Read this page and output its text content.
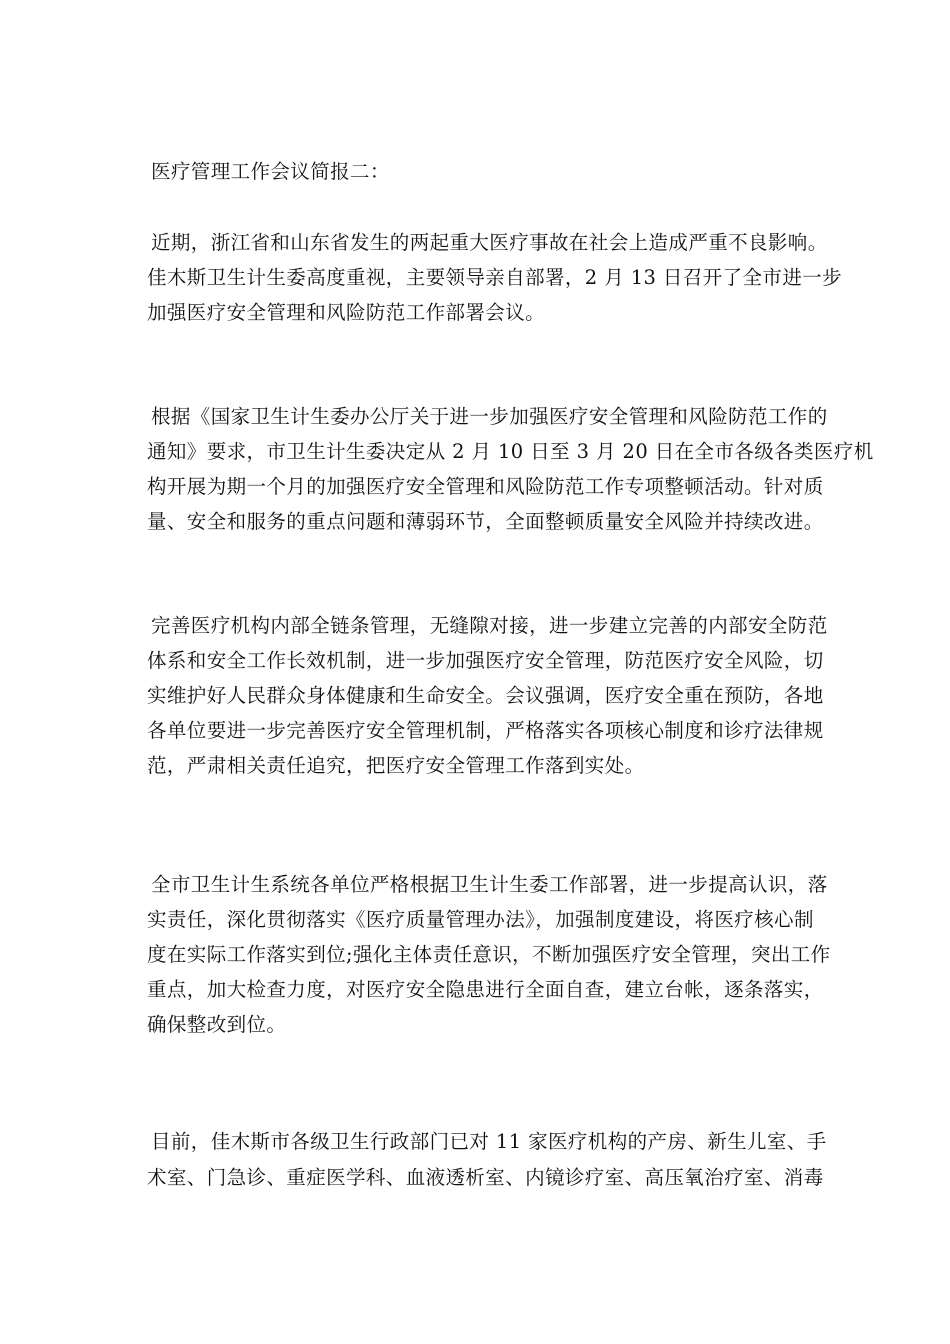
医疗管理工作会议简报二：
近期，浙江省和山东省发生的两起重大医疗事故在社会上造成严重不良影响。
佳木斯卫生计生委高度重视，主要领导亲自部署，2 月 13 日召开了全市进一步
加强医疗安全管理和风险防范工作部署会议。
根据《国家卫生计生委办公厅关于进一步加强医疗安全管理和风险防范工作的
通知》要求，市卫生计生委决定从 2 月 10 日至 3 月 20 日在全市各级各类医疗机
构开展为期一个月的加强医疗安全管理和风险防范工作专项整顿活动。针对质
量、安全和服务的重点问题和薄弱环节，全面整顿质量安全风险并持续改进。
完善医疗机构内部全链条管理，无缝隙对接，进一步建立完善的内部安全防范
体系和安全工作长效机制，进一步加强医疗安全管理，防范医疗安全风险，切
实维护好人民群众身体健康和生命安全。会议强调，医疗安全重在预防，各地
各单位要进一步完善医疗安全管理机制，严格落实各项核心制度和诊疗法律规
范，严肃相关责任追究，把医疗安全管理工作落到实处。
全市卫生计生系统各单位严格根据卫生计生委工作部署，进一步提高认识，落
实责任，深化贯彻落实《医疗质量管理办法》，加强制度建设，将医疗核心制
度在实际工作落实到位;强化主体责任意识，不断加强医疗安全管理，突出工作
重点，加大检查力度，对医疗安全隐患进行全面自查，建立台帐，逐条落实，
确保整改到位。
目前，佳木斯市各级卫生行政部门已对 11 家医疗机构的产房、新生儿室、手
术室、门急诊、重症医学科、血液透析室、内镜诊疗室、高压氧治疗室、消毒
